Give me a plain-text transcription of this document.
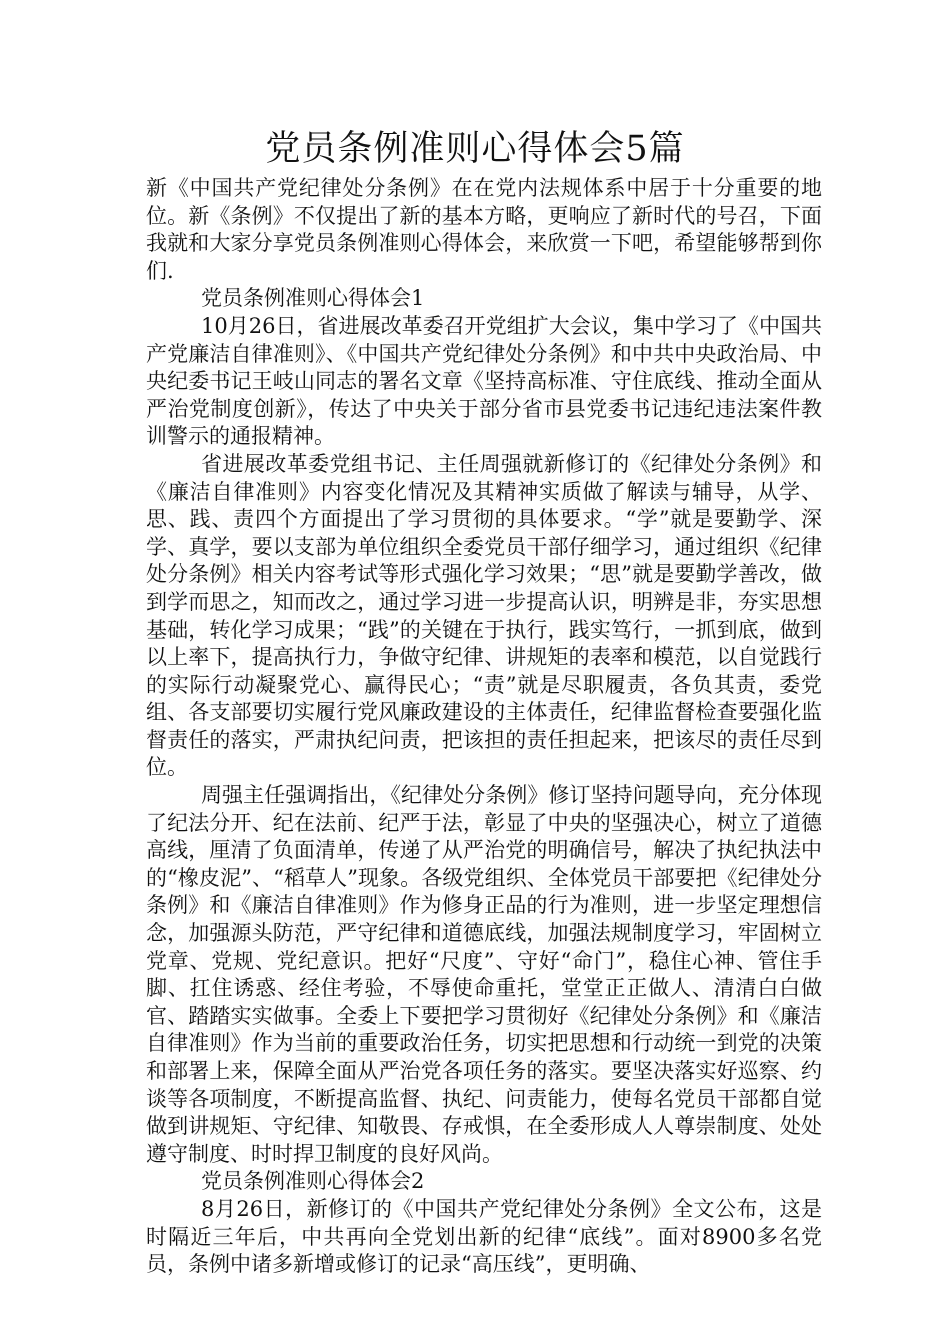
党员条例准则心得体会5篇

新《中国共产党纪律处分条例》在在党内法规体系中居于十分重要的地位。新《条例》不仅提出了新的基本方略，更响应了新时代的号召，下面我就和大家分享党员条例准则心得体会，来欣赏一下吧，希望能够帮到你们.

党员条例准则心得体会1

10月26日，省进展改革委召开党组扩大会议，集中学习了《中国共产党廉洁自律准则》、《中国共产党纪律处分条例》和中共中央政治局、中央纪委书记王岐山同志的署名文章《坚持高标准、守住底线、推动全面从严治党制度创新》，传达了中央关于部分省市县党委书记违纪违法案件教训警示的通报精神。

省进展改革委党组书记、主任周强就新修订的《纪律处分条例》和《廉洁自律准则》内容变化情况及其精神实质做了解读与辅导，从学、思、践、责四个方面提出了学习贯彻的具体要求。“学”就是要勤学、深学、真学，要以支部为单位组织全委党员干部仔细学习，通过组织《纪律处分条例》相关内容考试等形式强化学习效果；“思”就是要勤学善改，做到学而思之，知而改之，通过学习进一步提高认识，明辨是非，夯实思想基础，转化学习成果；“践”的关键在于执行，践实笃行，一抓到底，做到以上率下，提高执行力，争做守纪律、讲规矩的表率和模范，以自觉践行的实际行动凝聚党心、赢得民心；“责”就是尽职履责，各负其责，委党组、各支部要切实履行党风廉政建设的主体责任，纪律监督检查要强化监督责任的落实，严肃执纪问责，把该担的责任担起来，把该尽的责任尽到位。

周强主任强调指出，《纪律处分条例》修订坚持问题导向，充分体现了纪法分开、纪在法前、纪严于法，彰显了中央的坚强决心，树立了道德高线，厘清了负面清单，传递了从严治党的明确信号，解决了执纪执法中的“橡皮泥”、“稻草人”现象。各级党组织、全体党员干部要把《纪律处分条例》和《廉洁自律准则》作为修身正品的行为准则，进一步坚定理想信念，加强源头防范，严守纪律和道德底线，加强法规制度学习，牢固树立党章、党规、党纪意识。把好“尺度”、守好“命门”，稳住心神、管住手脚、扛住诱惑、经住考验，不辱使命重托，堂堂正正做人、清清白白做官、踏踏实实做事。全委上下要把学习贯彻好《纪律处分条例》和《廉洁自律准则》作为当前的重要政治任务，切实把思想和行动统一到党的决策和部署上来，保障全面从严治党各项任务的落实。要坚决落实好巡察、约谈等各项制度，不断提高监督、执纪、问责能力，使每名党员干部都自觉做到讲规矩、守纪律、知敬畏、存戒惧，在全委形成人人尊崇制度、处处遵守制度、时时捍卫制度的良好风尚。

党员条例准则心得体会2

8月26日，新修订的《中国共产党纪律处分条例》全文公布，这是时隔近三年后，中共再向全党划出新的纪律“底线”。面对8900多名党员，条例中诸多新增或修订的记录“高压线”，更明确、
